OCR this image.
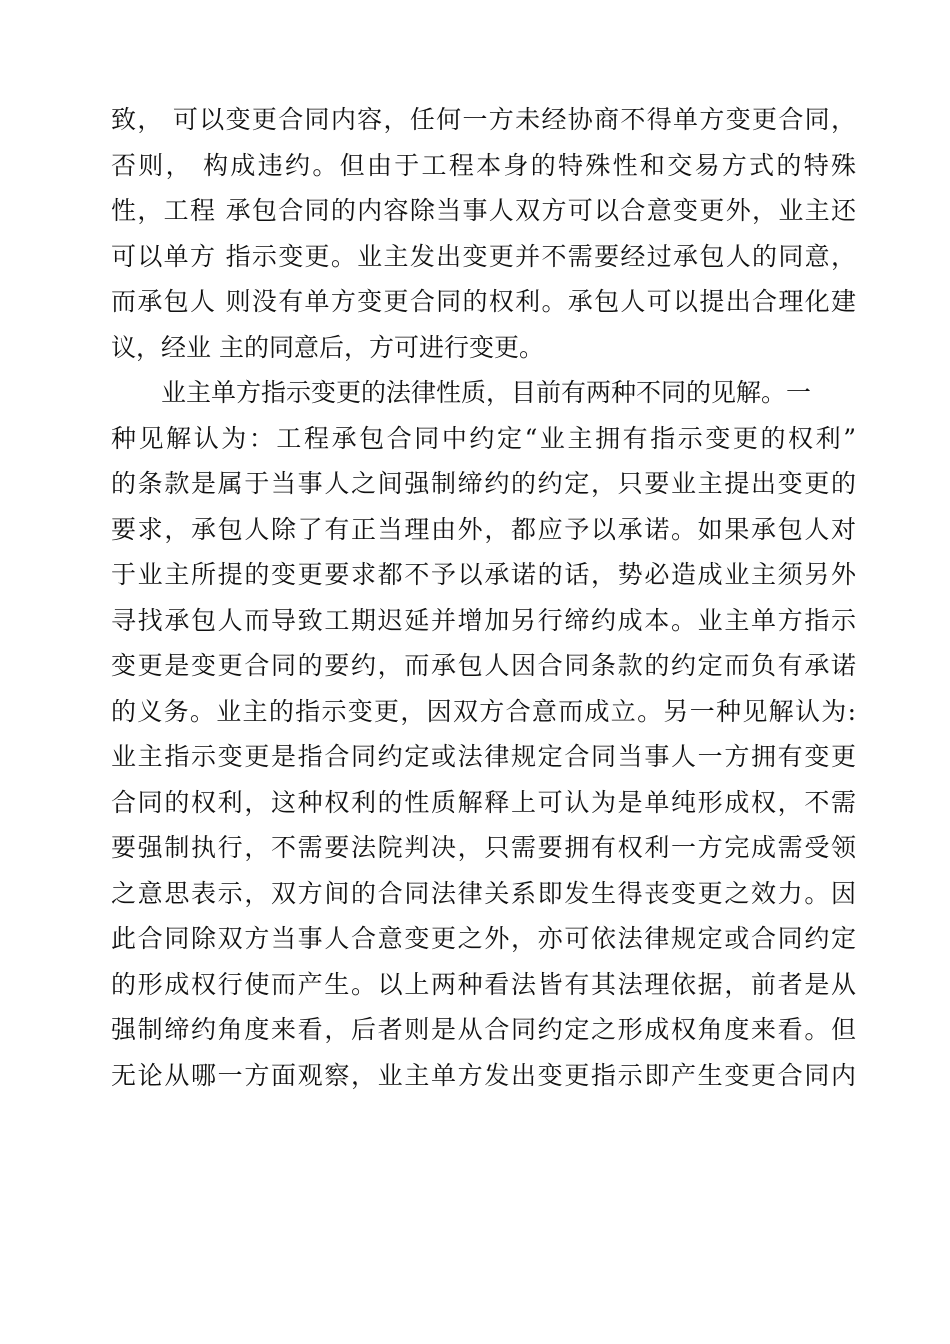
致， 可以变更合同内容，任何一方未经协商不得单方变更合同，
否则， 构成违约。但由于工程本身的特殊性和交易方式的特殊
性，工程 承包合同的内容除当事人双方可以合意变更外，业主还
可以单方 指示变更。业主发出变更并不需要经过承包人的同意，
而承包人 则没有单方变更合同的权利。承包人可以提出合理化建
议，经业 主的同意后，方可进行变更。
　　业主单方指示变更的法律性质，目前有两种不同的见解。一
种见解认为：工程承包合同中约定“业主拥有指示变更的权利”
的条款是属于当事人之间强制缔约的约定，只要业主提出变更的
要求，承包人除了有正当理由外，都应予以承诺。如果承包人对
于业主所提的变更要求都不予以承诺的话，势必造成业主须另外
寻找承包人而导致工期迟延并增加另行缔约成本。业主单方指示
变更是变更合同的要约，而承包人因合同条款的约定而负有承诺
的义务。业主的指示变更，因双方合意而成立。另一种见解认为:
业主指示变更是指合同约定或法律规定合同当事人一方拥有变更
合同的权利，这种权利的性质解释上可认为是单纯形成权，不需
要强制执行，不需要法院判决，只需要拥有权利一方完成需受领
之意思表示，双方间的合同法律关系即发生得丧变更之效力。因
此合同除双方当事人合意变更之外，亦可依法律规定或合同约定
的形成权行使而产生。以上两种看法皆有其法理依据，前者是从
强制缔约角度来看，后者则是从合同约定之形成权角度来看。但
无论从哪一方面观察，业主单方发出变更指示即产生变更合同内
